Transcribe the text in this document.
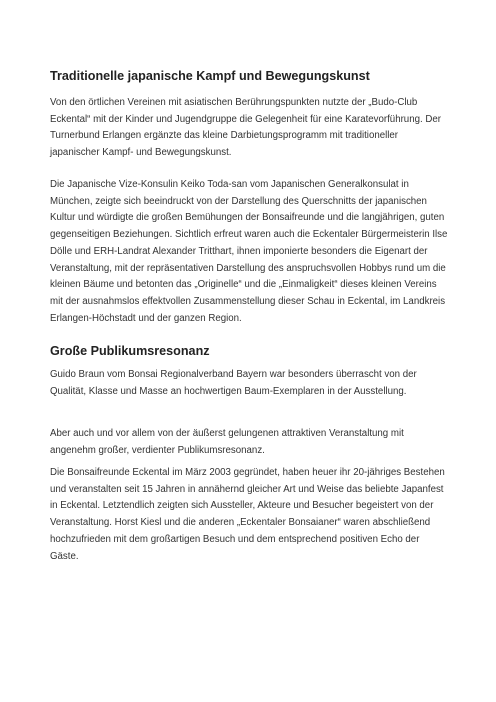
Traditionelle japanische Kampf und Bewegungskunst

Von den örtlichen Vereinen mit asiatischen Berührungspunkten nutzte der „Budo-Club Eckental“ mit der Kinder und Jugendgruppe die Gelegenheit für eine Karatevorführung. Der Turnerbund Erlangen ergänzte das kleine Darbietungsprogramm mit traditioneller japanischer Kampf- und Bewegungskunst.

Die Japanische Vize-Konsulin Keiko Toda-san vom Japanischen Generalkonsulat in München, zeigte sich beeindruckt von der Darstellung des Querschnitts der japanischen Kultur und würdigte die großen Bemühungen der Bonsaifreunde und die langjährigen, guten gegenseitigen Beziehungen. Sichtlich erfreut waren auch die Eckentaler Bürgermeisterin Ilse Dölle und ERH-Landrat Alexander Tritthart, ihnen imponierte besonders die Eigenart der Veranstaltung, mit der repräsentativen Darstellung des anspruchsvollen Hobbys rund um die kleinen Bäume und betonten das „Originelle“ und die „Einmaligkeit“ dieses kleinen Vereins mit der ausnahmslos effektvollen Zusammenstellung dieser Schau in Eckental, im Landkreis Erlangen-Höchstadt und der ganzen Region.

Große Publikumsresonanz

Guido Braun vom Bonsai Regionalverband Bayern war besonders überrascht von der Qualität, Klasse und Masse an hochwertigen Baum-Exemplaren in der Ausstellung.

Aber auch und vor allem von der äußerst gelungenen attraktiven Veranstaltung mit angenehm großer, verdienter Publikumsresonanz.

Die Bonsaifreunde Eckental im März 2003 gegründet, haben heuer ihr 20-jähriges Bestehen und veranstalten seit 15 Jahren in annähernd gleicher Art und Weise das beliebte Japanfest in Eckental. Letztendlich zeigten sich Aussteller, Akteure und Besucher begeistert von der Veranstaltung. Horst Kiesl und die anderen „Eckentaler Bonsaianer“ waren abschließend hochzufrieden mit dem großartigen Besuch und dem entsprechend positiven Echo der Gäste.
